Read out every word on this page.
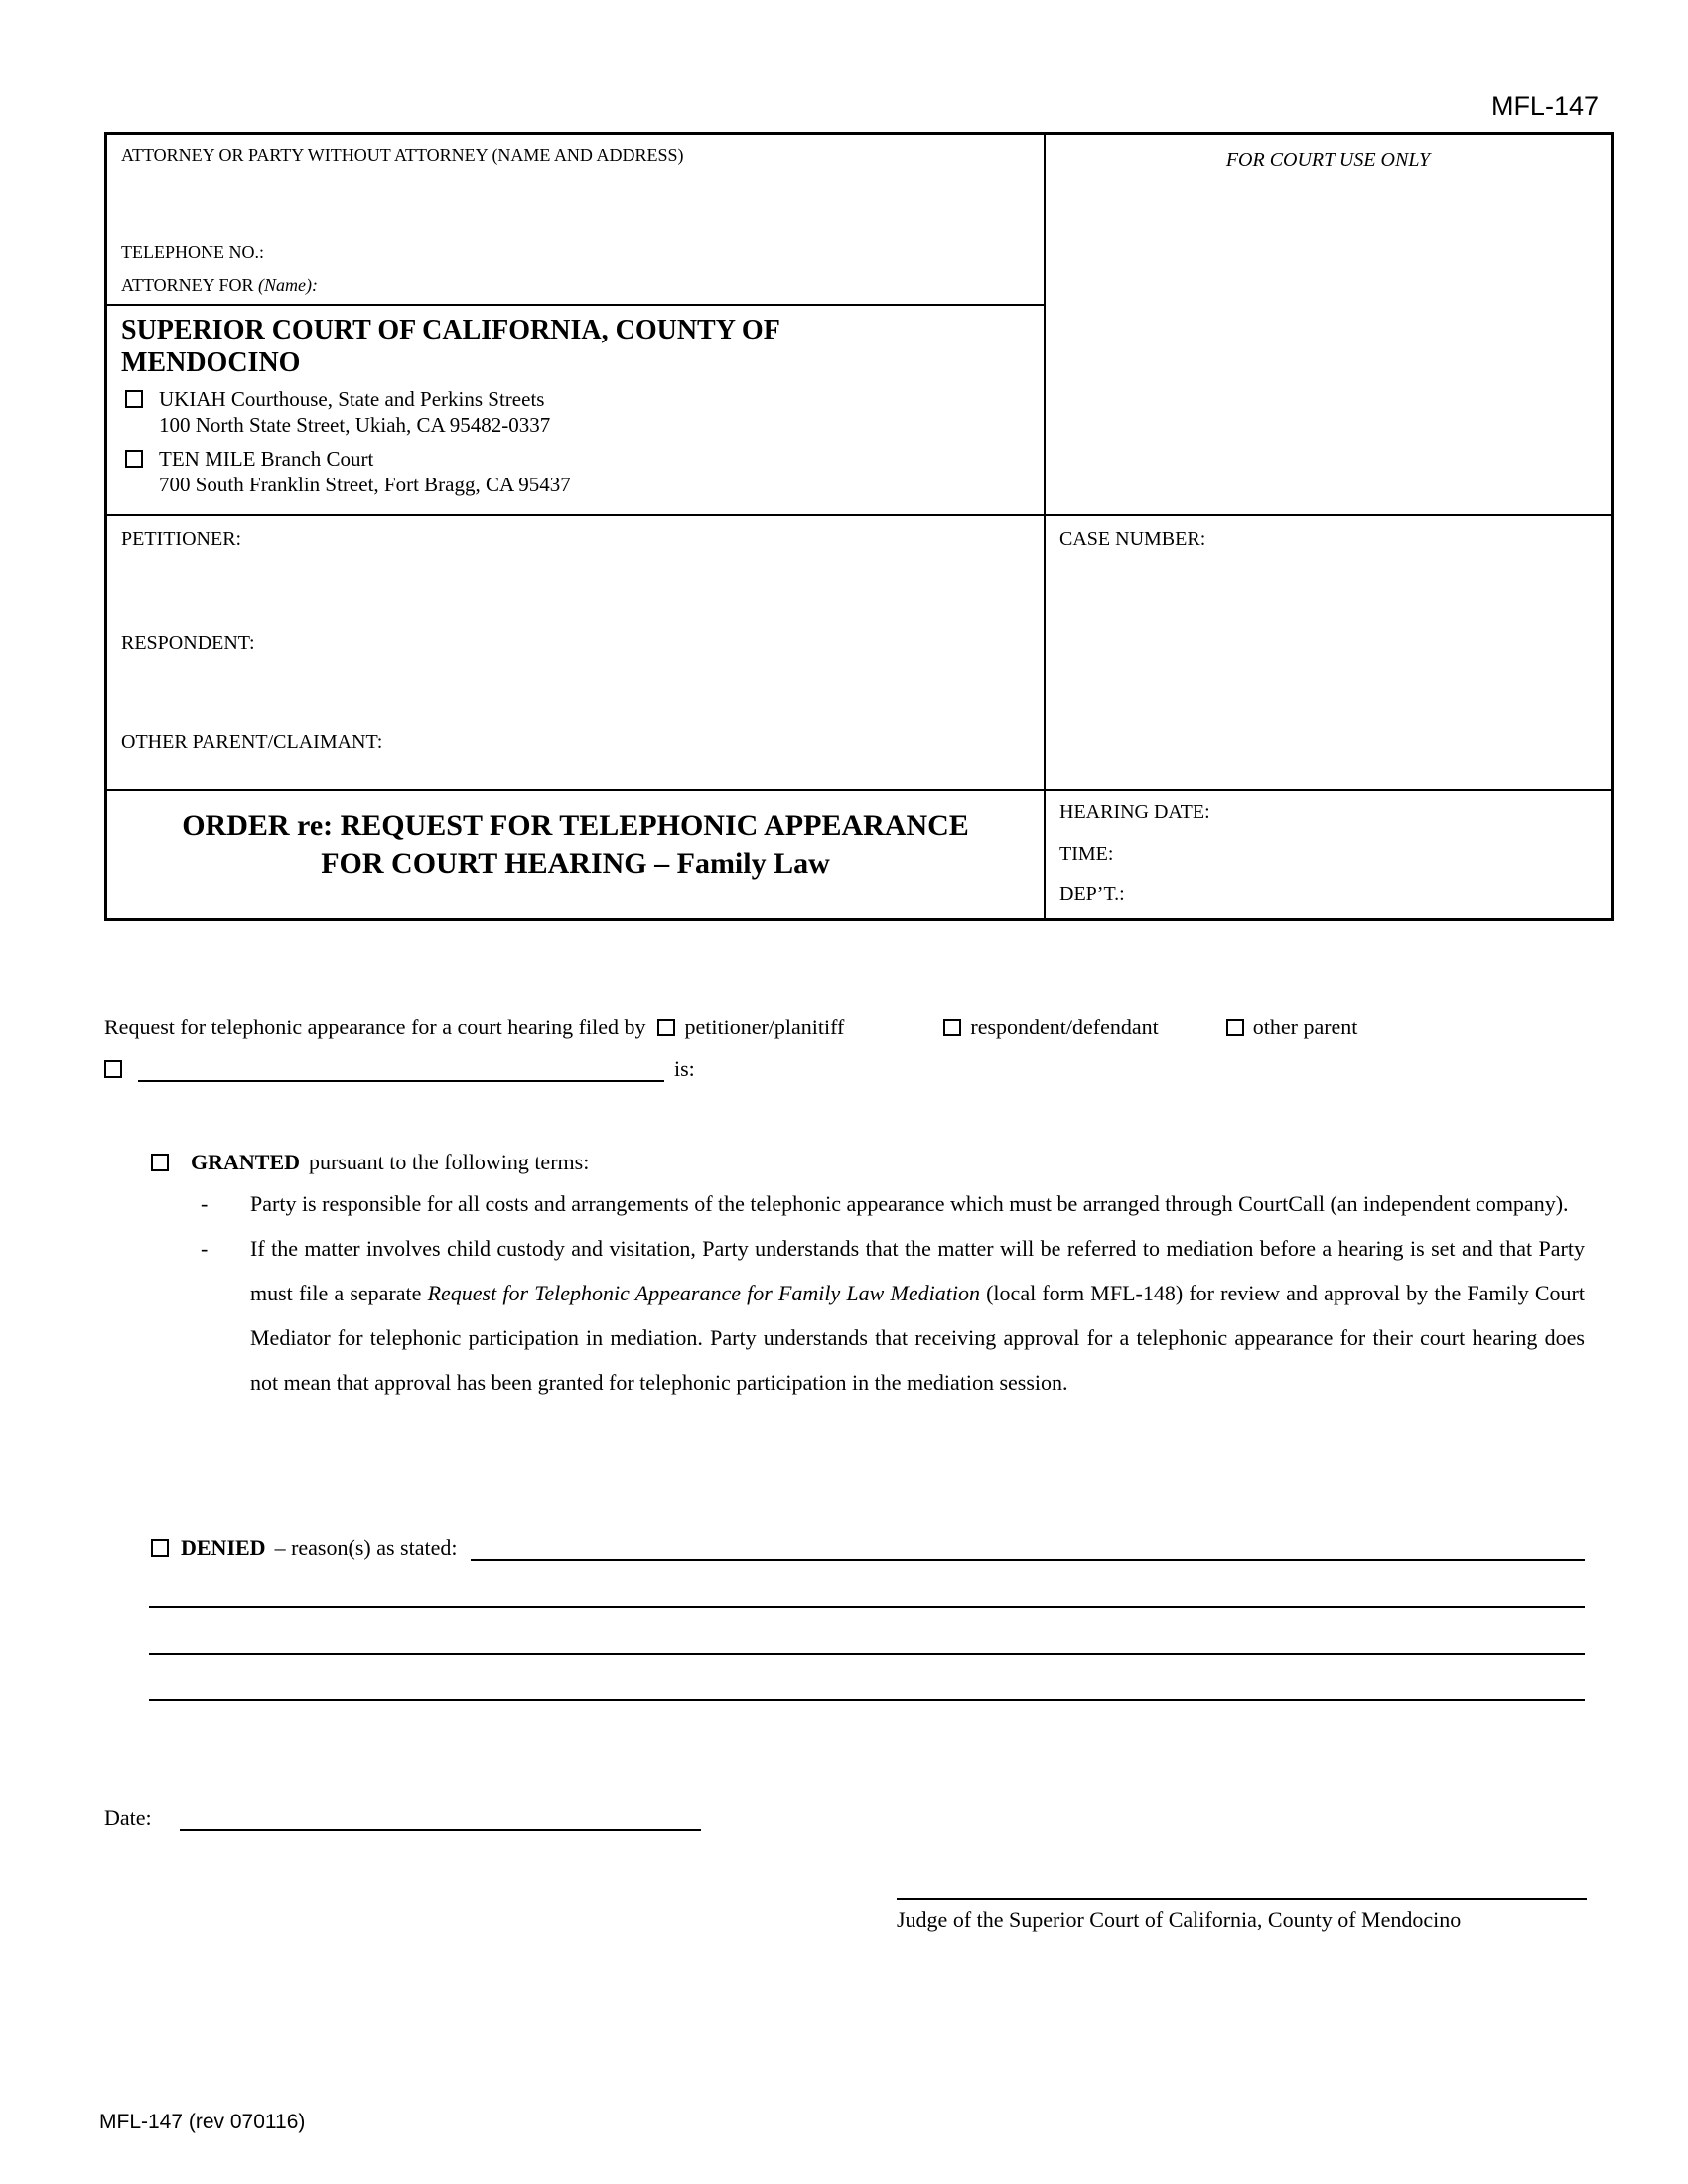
MFL-147
ATTORNEY OR PARTY WITHOUT ATTORNEY (NAME AND ADDRESS)
TELEPHONE NO.:
ATTORNEY FOR (Name):
FOR COURT USE ONLY
SUPERIOR COURT OF CALIFORNIA, COUNTY OF
MENDOCINO
UKIAH Courthouse, State and Perkins Streets
100 North State Street, Ukiah, CA 95482-0337
TEN MILE Branch Court
700 South Franklin Street, Fort Bragg, CA 95437
PETITIONER:
RESPONDENT:
OTHER PARENT/CLAIMANT:
CASE NUMBER:
ORDER re: REQUEST FOR TELEPHONIC APPEARANCE
FOR COURT HEARING – Family Law
HEARING DATE:
TIME:
DEP’T.:
Request for telephonic appearance for a court hearing filed by petitioner/planitiff	respondent/defendant	other parent
is:
GRANTED pursuant to the following terms:
- Party is responsible for all costs and arrangements of the telephonic appearance which must be arranged through CourtCall (an independent company).
- If the matter involves child custody and visitation, Party understands that the matter will be referred to mediation before a hearing is set and that Party must file a separate Request for Telephonic Appearance for Family Law Mediation (local form MFL-148) for review and approval by the Family Court Mediator for telephonic participation in mediation. Party understands that receiving approval for a telephonic appearance for their court hearing does not mean that approval has been granted for telephonic participation in the mediation session.
DENIED – reason(s) as stated:
Date:
Judge of the Superior Court of California, County of Mendocino
MFL-147 (rev 070116)
